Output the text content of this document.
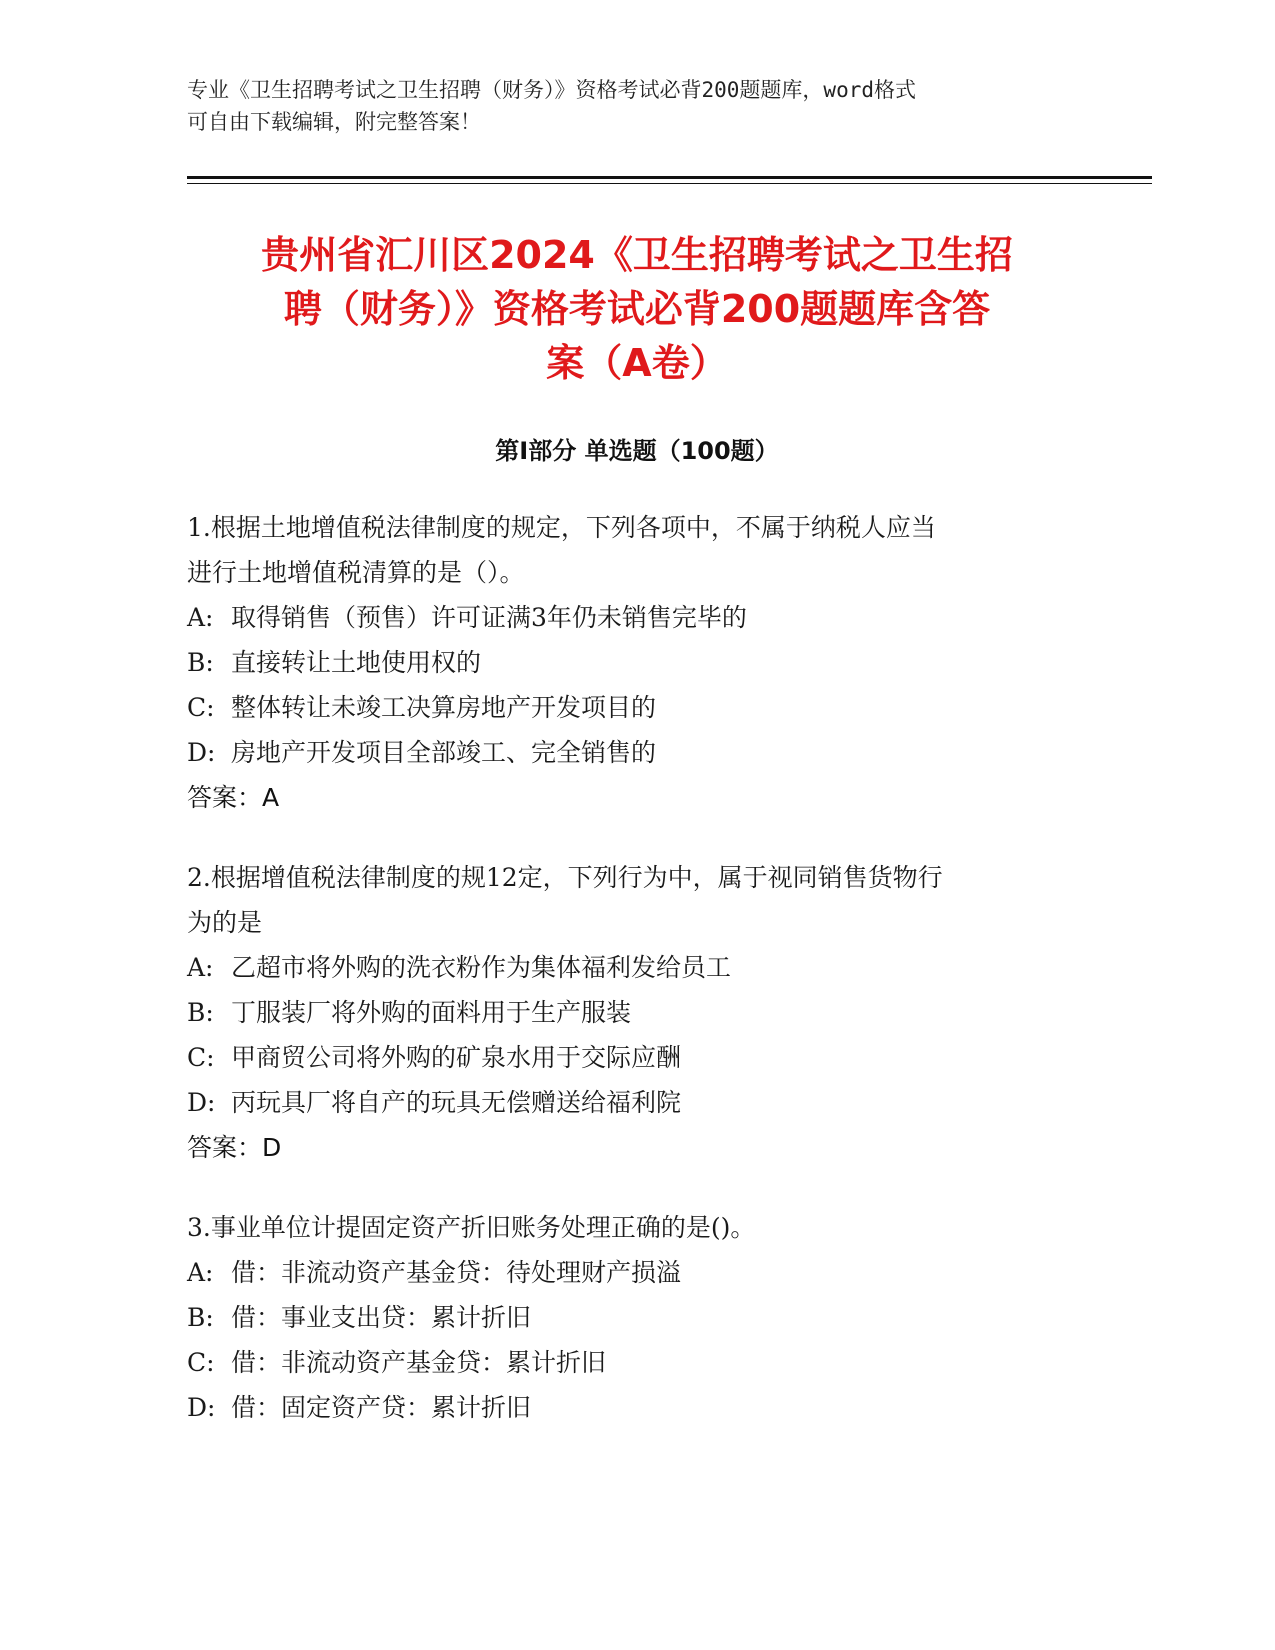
专业《卫生招聘考试之卫生招聘（财务）》资格考试必背200题题库，word格式
可自由下载编辑，附完整答案！
贵州省汇川区2024《卫生招聘考试之卫生招
聘（财务）》资格考试必背200题题库含答
案（A卷）
第I部分 单选题（100题）

1.根据土地增值税法律制度的规定，下列各项中，不属于纳税人应当

进行土地增值税清算的是（）。

A: 取得销售（预售）许可证满3年仍未销售完毕的

B: 直接转让土地使用权的

C: 整体转让未竣工决算房地产开发项目的

D: 房地产开发项目全部竣工、完全销售的

答案：A

2.根据增值税法律制度的规12定，下列行为中，属于视同销售货物行

为的是

A: 乙超市将外购的洗衣粉作为集体福利发给员工

B: 丁服装厂将外购的面料用于生产服装

C: 甲商贸公司将外购的矿泉水用于交际应酬

D: 丙玩具厂将自产的玩具无偿赠送给福利院

答案：D

3.事业单位计提固定资产折旧账务处理正确的是()。

A: 借：非流动资产基金贷：待处理财产损溢

B: 借：事业支出贷：累计折旧

C: 借：非流动资产基金贷：累计折旧

D: 借：固定资产贷：累计折旧
